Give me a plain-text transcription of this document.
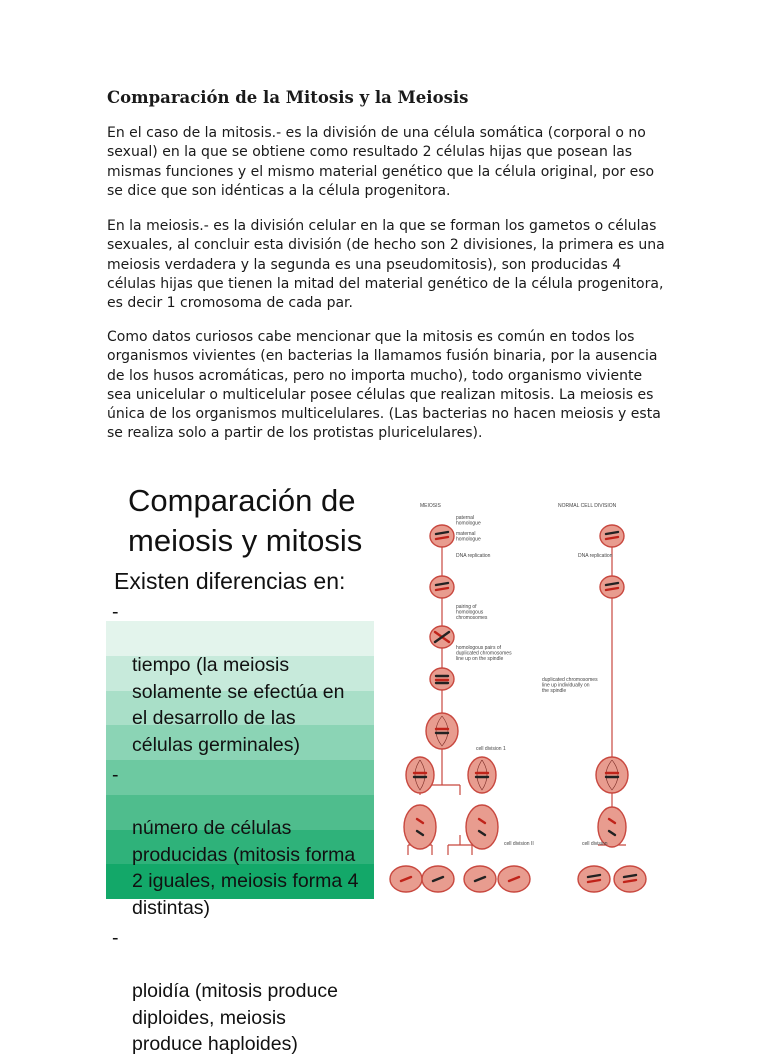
Comparación de la Mitosis y la Meiosis
En el caso de la mitosis.- es la división de una célula somática (corporal o no
sexual) en la que se obtiene como resultado 2 células hijas que posean las
mismas funciones y el mismo material genético que la célula original, por eso
se dice que son idénticas a la célula progenitora.
En la meiosis.- es la división celular en la que se forman los gametos o células
sexuales, al concluir esta división (de hecho son 2 divisiones, la primera es una
meiosis verdadera y la segunda es una pseudomitosis), son producidas 4
células hijas que tienen la mitad del material genético de la célula progenitora,
es decir 1 cromosoma de cada par.
Como datos curiosos cabe mencionar que la mitosis es común en todos los
organismos vivientes (en bacterias la llamamos fusión binaria, por la ausencia
de los husos acromáticas, pero no importa mucho), todo organismo viviente
sea unicelular o multicelular posee células que realizan mitosis. La meiosis es
única de los organismos multicelulares. (Las bacterias no hacen meiosis y esta
se realiza solo a partir de los protistas pluricelulares).
Comparación de
meiosis y mitosis
Existen diferencias en:

-

tiempo (la meiosis
solamente se efectúa en
el desarrollo de las
células germinales)

-

número de células
producidas (mitosis forma
2 iguales, meiosis forma 4
distintas)

-

ploidía (mitosis produce
diploides, meiosis
produce haploides)

MEIOSIS	NORMAL CELL DIVISION
paternal homologue
maternal homologue
DNA replication
pairing of homologous chromosomes
homologous pairs of duplicated chromosomes line up on the spindle
DNA replication
duplicated chromosomes line up individually on the spindle
cell division 1
cell division II	cell division
